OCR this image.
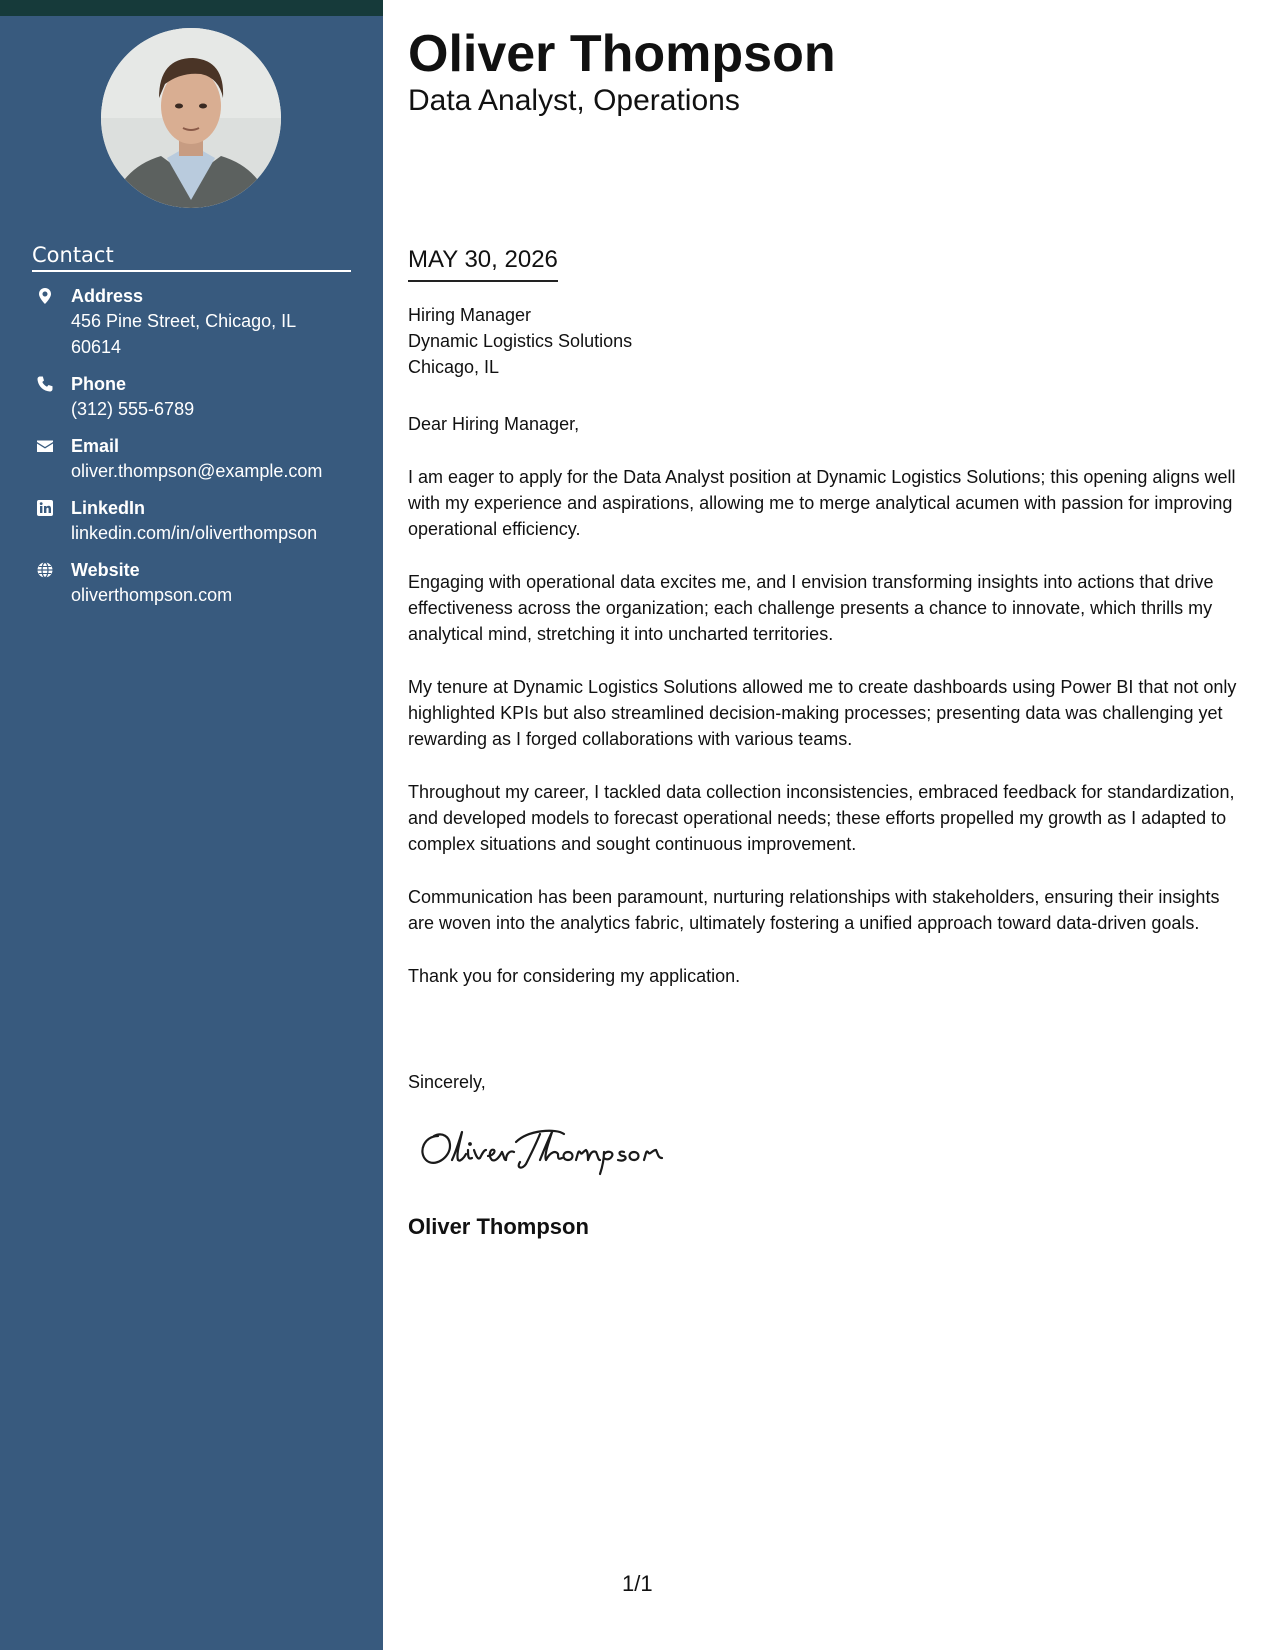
Contact
Address
456 Pine Street, Chicago, IL 60614
Phone
(312) 555-6789
Email
oliver.thompson@example.com
LinkedIn
linkedin.com/in/oliverthompson
Website
oliverthompson.com
Oliver Thompson
Data Analyst, Operations
MAY 30, 2026
Hiring Manager
Dynamic Logistics Solutions
Chicago, IL

Dear Hiring Manager,

I am eager to apply for the Data Analyst position at Dynamic Logistics Solutions; this opening aligns well with my experience and aspirations, allowing me to merge analytical acumen with passion for improving operational efficiency.

Engaging with operational data excites me, and I envision transforming insights into actions that drive effectiveness across the organization; each challenge presents a chance to innovate, which thrills my analytical mind, stretching it into uncharted territories.

My tenure at Dynamic Logistics Solutions allowed me to create dashboards using Power BI that not only highlighted KPIs but also streamlined decision-making processes; presenting data was challenging yet rewarding as I forged collaborations with various teams.

Throughout my career, I tackled data collection inconsistencies, embraced feedback for standardization, and developed models to forecast operational needs; these efforts propelled my growth as I adapted to complex situations and sought continuous improvement.

Communication has been paramount, nurturing relationships with stakeholders, ensuring their insights are woven into the analytics fabric, ultimately fostering a unified approach toward data-driven goals.

Thank you for considering my application.

Sincerely,
Oliver Thompson
1/1
